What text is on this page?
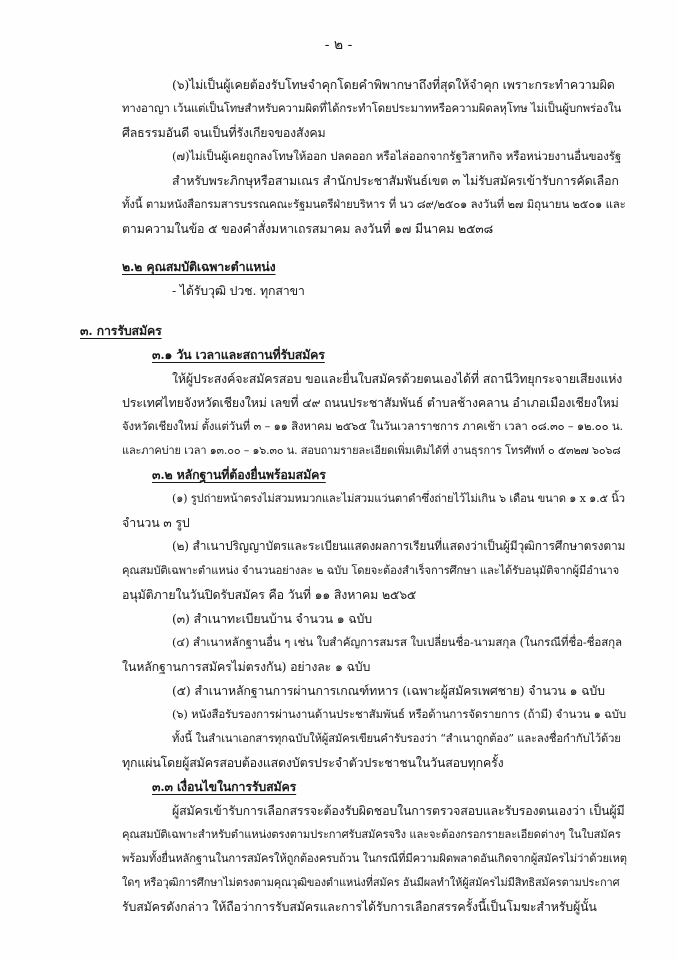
- ๒ -
(๖)ไม่เป็นผู้เคยต้องรับโทษจำคุกโดยคำพิพากษาถึงที่สุดให้จำคุก เพราะกระทำความผิด
ทางอาญา เว้นแต่เป็นโทษสำหรับความผิดที่ได้กระทำโดยประมาทหรือความผิดลหุโทษ ไม่เป็นผู้บกพร่องใน
ศีลธรรมอันดี จนเป็นที่รังเกียจของสังคม
(๗)ไม่เป็นผู้เคยถูกลงโทษให้ออก ปลดออก หรือไล่ออกจากรัฐวิสาหกิจ หรือหน่วยงานอื่นของรัฐ
สำหรับพระภิกษุหรือสามเณร สำนักประชาสัมพันธ์เขต ๓ ไม่รับสมัครเข้ารับการคัดเลือก
ทั้งนี้ ตามหนังสือกรมสารบรรณคณะรัฐมนตรีฝ่ายบริหาร ที่ นว ๘๙/๒๕๐๑ ลงวันที่ ๒๗ มิถุนายน ๒๕๐๑ และ
ตามความในข้อ ๕ ของคำสั่งมหาเถรสมาคม ลงวันที่ ๑๗ มีนาคม ๒๕๓๘
๒.๒ คุณสมบัติเฉพาะตำแหน่ง
- ได้รับวุฒิ ปวช. ทุกสาขา
๓. การรับสมัคร
๓.๑ วัน เวลาและสถานที่รับสมัคร
ให้ผู้ประสงค์จะสมัครสอบ ขอและยื่นใบสมัครด้วยตนเองได้ที่ สถานีวิทยุกระจายเสียงแห่ง
ประเทศไทยจังหวัดเชียงใหม่ เลขที่ ๔๙ ถนนประชาสัมพันธ์ ตำบลช้างคลาน อำเภอเมืองเชียงใหม่
จังหวัดเชียงใหม่ ตั้งแต่วันที่ ๓ – ๑๑ สิงหาคม ๒๕๖๕ ในวันเวลาราชการ ภาคเช้า เวลา ๐๘.๓๐ – ๑๒.๐๐ น.
และภาคบ่าย เวลา ๑๓.๐๐ – ๑๖.๓๐ น. สอบถามรายละเอียดเพิ่มเติมได้ที่ งานธุรการ โทรศัพท์ ๐ ๕๓๒๗ ๖๐๖๘
๓.๒ หลักฐานที่ต้องยื่นพร้อมสมัคร
(๑) รูปถ่ายหน้าตรงไม่สวมหมวกและไม่สวมแว่นตาดำซึ่งถ่ายไว้ไม่เกิน ๖ เดือน ขนาด ๑ x ๑.๕ นิ้ว
จำนวน ๓ รูป
(๒) สำเนาปริญญาบัตรและระเบียนแสดงผลการเรียนที่แสดงว่าเป็นผู้มีวุฒิการศึกษาตรงตาม
คุณสมบัติเฉพาะตำแหน่ง จำนวนอย่างละ ๒ ฉบับ โดยจะต้องสำเร็จการศึกษา และได้รับอนุมัติจากผู้มีอำนาจ
อนุมัติภายในวันปิดรับสมัคร คือ วันที่ ๑๑ สิงหาคม ๒๕๖๕
(๓) สำเนาทะเบียนบ้าน จำนวน ๑ ฉบับ
(๔) สำเนาหลักฐานอื่น ๆ เช่น ใบสำคัญการสมรส ใบเปลี่ยนชื่อ-นามสกุล (ในกรณีที่ชื่อ-ชื่อสกุล
ในหลักฐานการสมัครไม่ตรงกัน) อย่างละ ๑ ฉบับ
(๕) สำเนาหลักฐานการผ่านการเกณฑ์ทหาร (เฉพาะผู้สมัครเพศชาย) จำนวน ๑ ฉบับ
(๖) หนังสือรับรองการผ่านงานด้านประชาสัมพันธ์ หรือด้านการจัดรายการ (ถ้ามี) จำนวน ๑ ฉบับ
ทั้งนี้ ในสำเนาเอกสารทุกฉบับให้ผู้สมัครเขียนคำรับรองว่า “สำเนาถูกต้อง” และลงชื่อกำกับไว้ด้วย
ทุกแผ่นโดยผู้สมัครสอบต้องแสดงบัตรประจำตัวประชาชนในวันสอบทุกครั้ง
๓.๓ เงื่อนไขในการรับสมัคร
ผู้สมัครเข้ารับการเลือกสรรจะต้องรับผิดชอบในการตรวจสอบและรับรองตนเองว่า เป็นผู้มี
คุณสมบัติเฉพาะสำหรับตำแหน่งตรงตามประกาศรับสมัครจริง และจะต้องกรอกรายละเอียดต่างๆ ในใบสมัคร
พร้อมทั้งยื่นหลักฐานในการสมัครให้ถูกต้องครบถ้วน ในกรณีที่มีความผิดพลาดอันเกิดจากผู้สมัครไม่ว่าด้วยเหตุ
ใดๆ หรือวุฒิการศึกษาไม่ตรงตามคุณวุฒิของตำแหน่งที่สมัคร อันมีผลทำให้ผู้สมัครไม่มีสิทธิสมัครตามประกาศ
รับสมัครดังกล่าว ให้ถือว่าการรับสมัครและการได้รับการเลือกสรรครั้งนี้เป็นโมฆะสำหรับผู้นั้น
